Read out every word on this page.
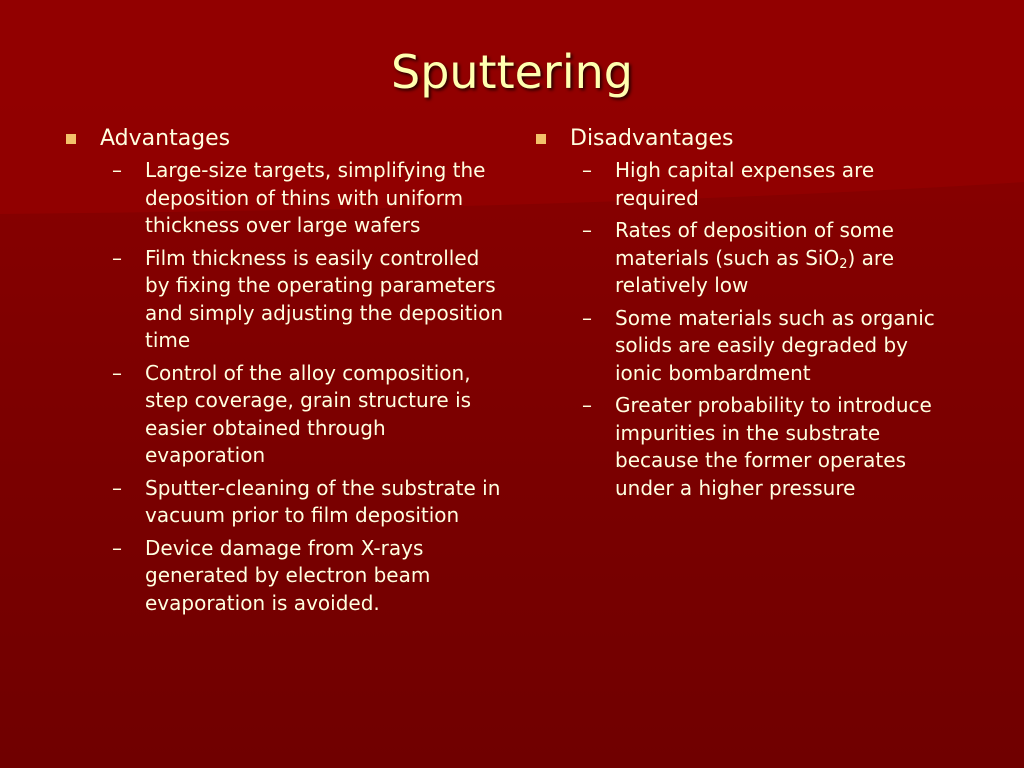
Sputtering
Advantages
– Large-size targets, simplifying the deposition of thins with uniform thickness over large wafers
– Film thickness is easily controlled by fixing the operating parameters and simply adjusting the deposition time
– Control of the alloy composition, step coverage, grain structure is easier obtained through evaporation
– Sputter-cleaning of the substrate in vacuum prior to film deposition
– Device damage from X-rays generated by electron beam evaporation is avoided.
Disadvantages
– High capital expenses are required
– Rates of deposition of some materials (such as SiO$_2$) are relatively low
– Some materials such as organic solids are easily degraded by ionic bombardment
– Greater probability to introduce impurities in the substrate because the former operates under a higher pressure
